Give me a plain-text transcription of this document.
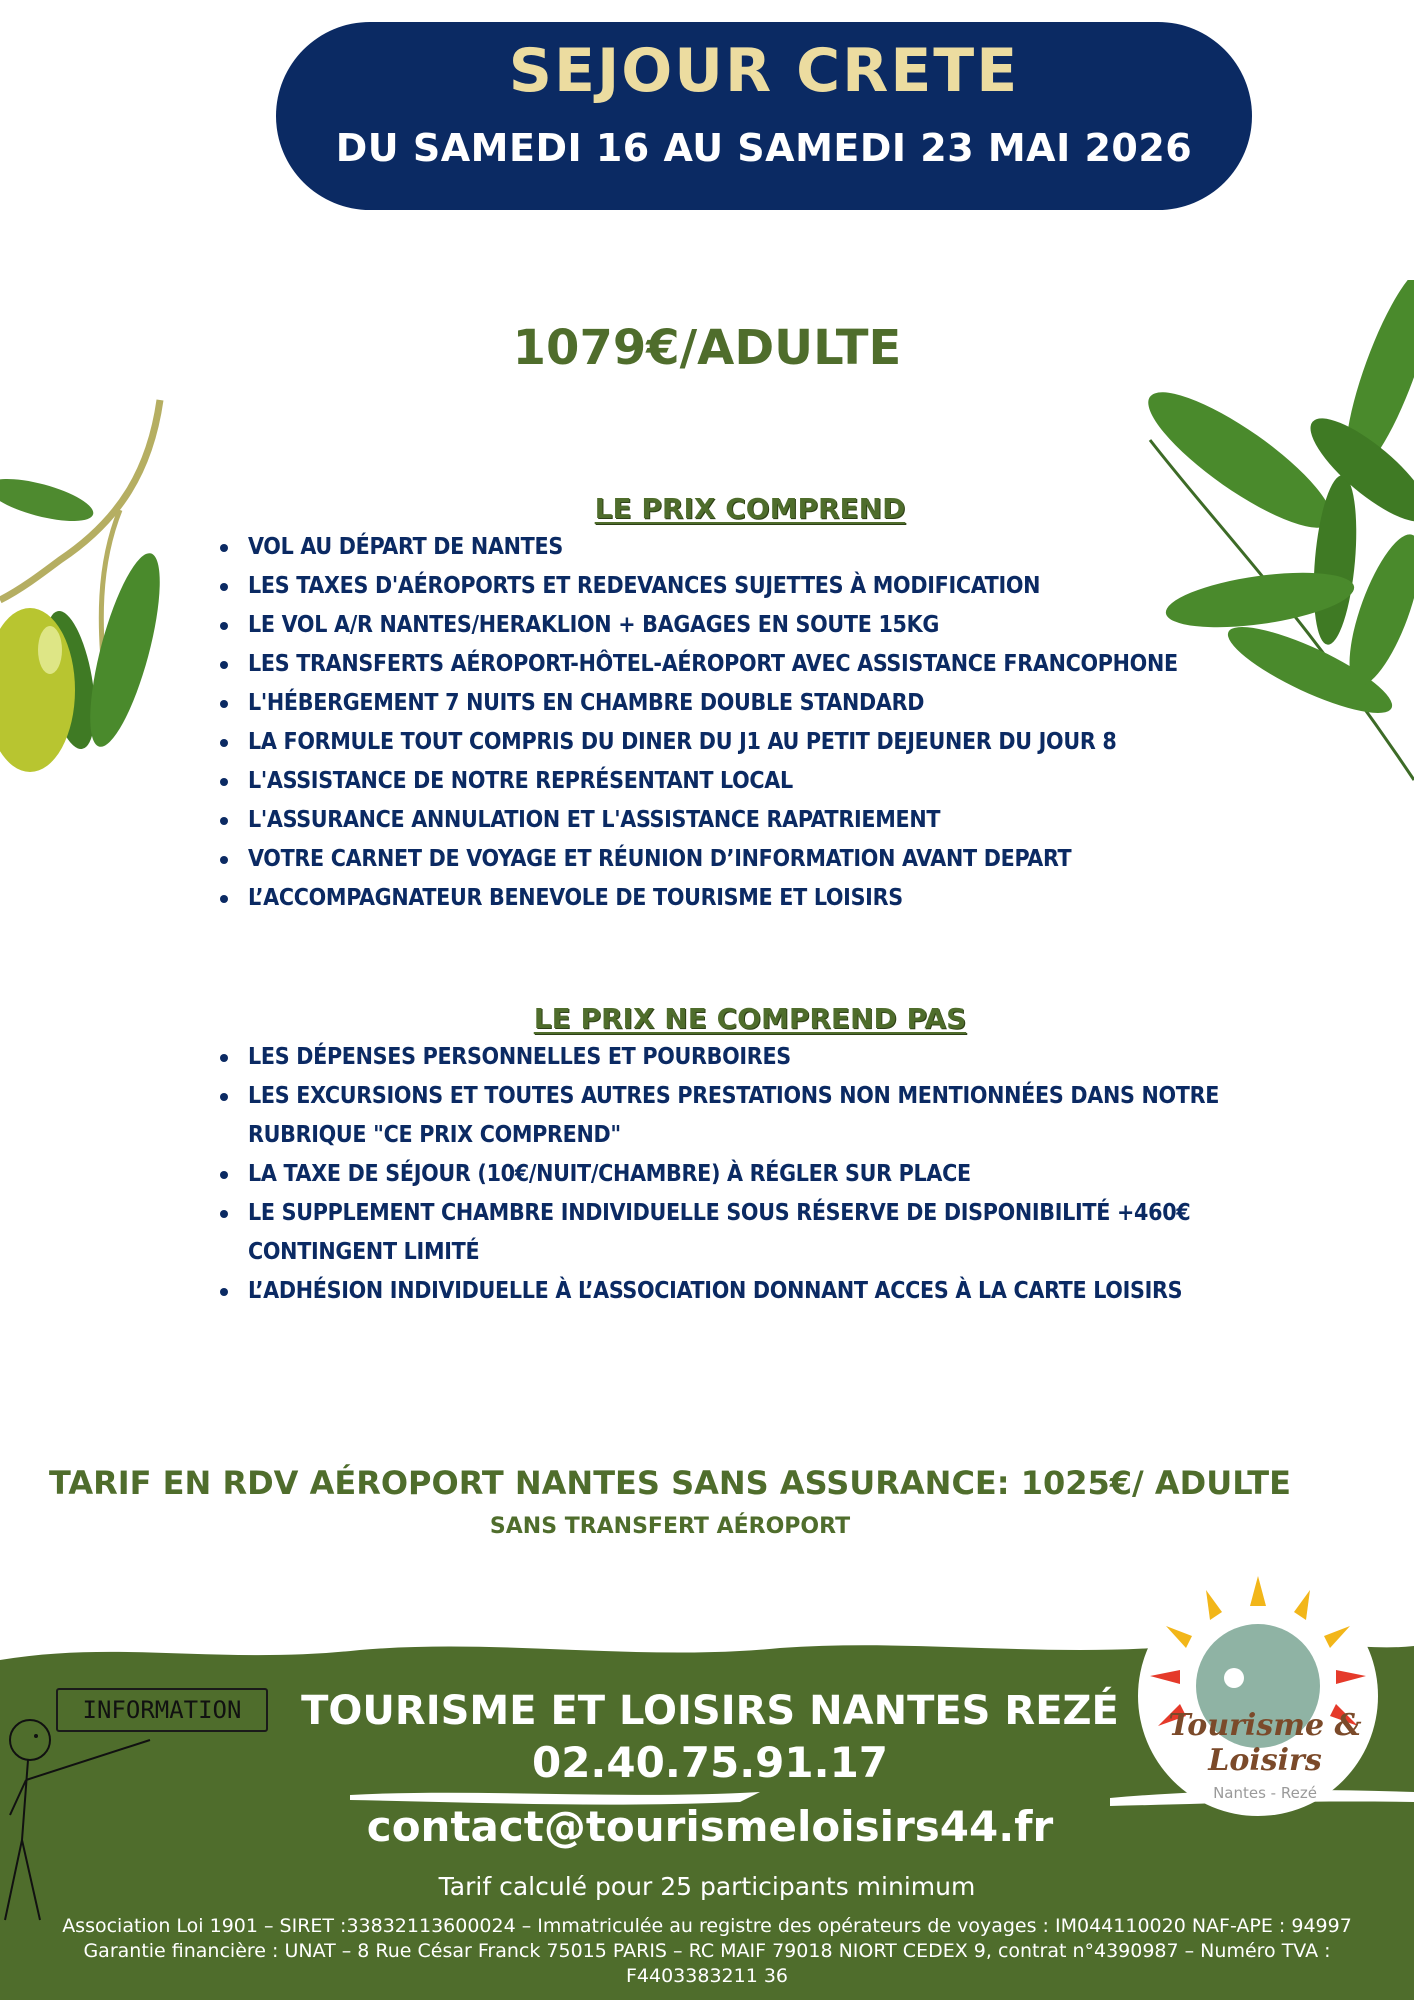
SEJOUR CRETE
DU SAMEDI 16 AU SAMEDI 23 MAI 2026
1079€/ADULTE
LE PRIX COMPREND
VOL AU DÉPART DE NANTES
LES TAXES D'AÉROPORTS ET REDEVANCES SUJETTES À MODIFICATION
LE VOL A/R NANTES/HERAKLION + BAGAGES EN SOUTE 15KG
LES TRANSFERTS AÉROPORT-HÔTEL-AÉROPORT AVEC ASSISTANCE FRANCOPHONE
L'HÉBERGEMENT 7 NUITS EN CHAMBRE DOUBLE STANDARD
LA FORMULE TOUT COMPRIS DU DINER DU J1 AU PETIT DEJEUNER DU JOUR 8
L'ASSISTANCE DE NOTRE REPRÉSENTANT LOCAL
L'ASSURANCE ANNULATION ET L'ASSISTANCE RAPATRIEMENT
VOTRE CARNET DE VOYAGE ET RÉUNION D’INFORMATION AVANT DEPART
L’ACCOMPAGNATEUR BENEVOLE DE TOURISME ET LOISIRS
LE PRIX NE COMPREND PAS
LES DÉPENSES PERSONNELLES ET POURBOIRES
LES EXCURSIONS ET TOUTES AUTRES PRESTATIONS NON MENTIONNÉES DANS NOTRE RUBRIQUE "CE PRIX COMPREND"
LA TAXE DE SÉJOUR (10€/NUIT/CHAMBRE) À RÉGLER SUR PLACE
LE SUPPLEMENT CHAMBRE INDIVIDUELLE SOUS RÉSERVE DE DISPONIBILITÉ +460€ CONTINGENT LIMITÉ
L’ADHÉSION INDIVIDUELLE À L’ASSOCIATION DONNANT ACCES À LA CARTE LOISIRS
TARIF EN RDV AÉROPORT NANTES SANS ASSURANCE: 1025€/ ADULTE
SANS TRANSFERT AÉROPORT
INFORMATION	Tourisme & Loisirs
Nantes - Rezé
TOURISME ET LOISIRS NANTES REZÉ
02.40.75.91.17
contact@tourismeloisirs44.fr
Tarif calculé pour 25 participants minimum
Association Loi 1901 – SIRET :33832113600024 – Immatriculée au registre des opérateurs de voyages : IM044110020 NAF-APE : 94997
Garantie financière : UNAT – 8 Rue César Franck 75015 PARIS – RC MAIF 79018 NIORT CEDEX 9, contrat n°4390987 – Numéro TVA :
F4403383211 36
